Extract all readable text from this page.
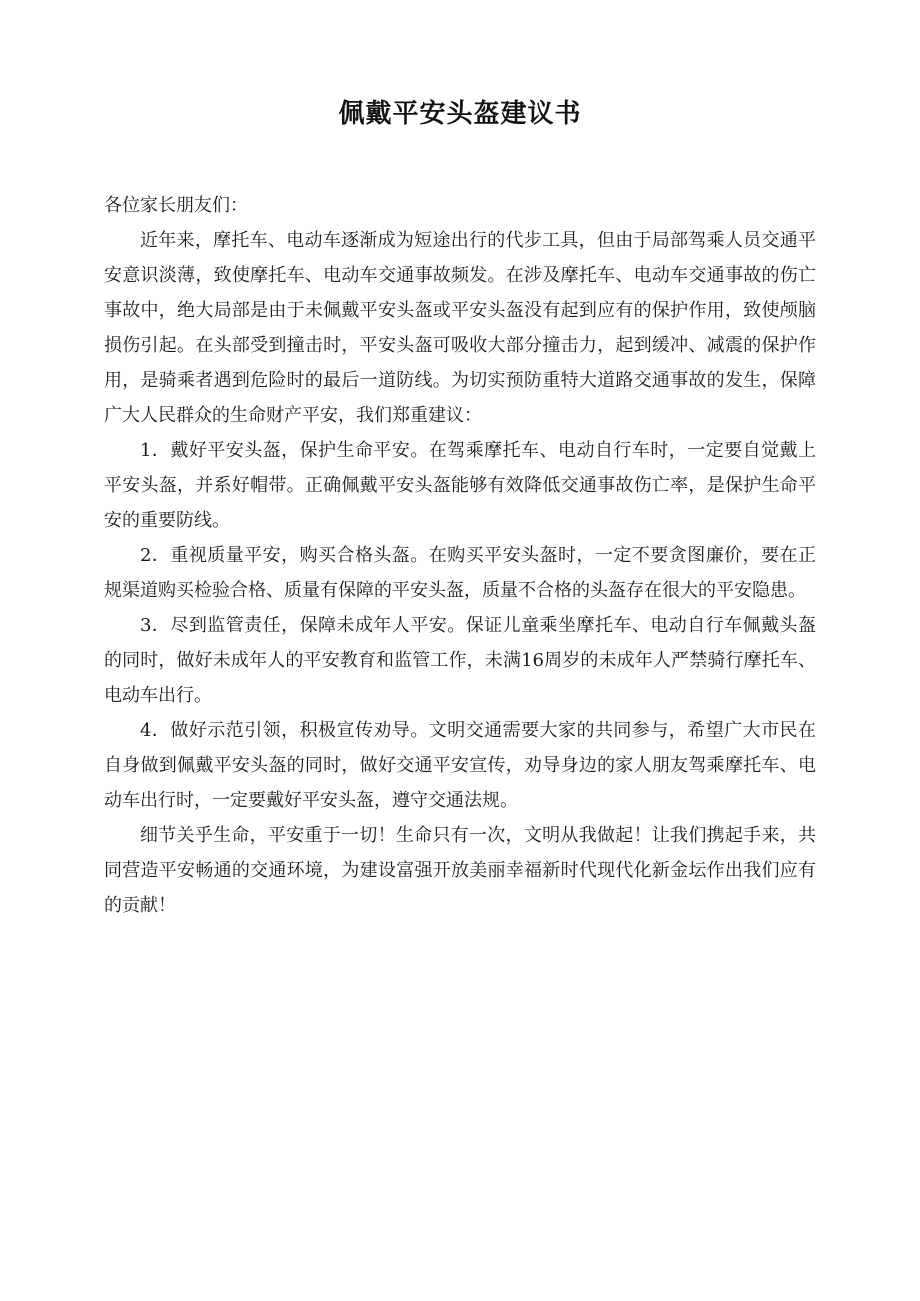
佩戴平安头盔建议书

各位家长朋友们：

近年来，摩托车、电动车逐渐成为短途出行的代步工具，但由于局部驾乘人员交通平安意识淡薄，致使摩托车、电动车交通事故频发。在涉及摩托车、电动车交通事故的伤亡事故中，绝大局部是由于未佩戴平安头盔或平安头盔没有起到应有的保护作用，致使颅脑损伤引起。在头部受到撞击时，平安头盔可吸收大部分撞击力，起到缓冲、减震的保护作用，是骑乘者遇到危险时的最后一道防线。为切实预防重特大道路交通事故的发生，保障广大人民群众的生命财产平安，我们郑重建议：

1．戴好平安头盔，保护生命平安。在驾乘摩托车、电动自行车时，一定要自觉戴上平安头盔，并系好帽带。正确佩戴平安头盔能够有效降低交通事故伤亡率，是保护生命平安的重要防线。

2．重视质量平安，购买合格头盔。在购买平安头盔时，一定不要贪图廉价，要在正规渠道购买检验合格、质量有保障的平安头盔，质量不合格的头盔存在很大的平安隐患。

3．尽到监管责任，保障未成年人平安。保证儿童乘坐摩托车、电动自行车佩戴头盔的同时，做好未成年人的平安教育和监管工作，未满16周岁的未成年人严禁骑行摩托车、电动车出行。

4．做好示范引领，积极宣传劝导。文明交通需要大家的共同参与，希望广大市民在自身做到佩戴平安头盔的同时，做好交通平安宣传，劝导身边的家人朋友驾乘摩托车、电动车出行时，一定要戴好平安头盔，遵守交通法规。

细节关乎生命，平安重于一切！生命只有一次，文明从我做起！让我们携起手来，共同营造平安畅通的交通环境，为建设富强开放美丽幸福新时代现代化新金坛作出我们应有的贡献！
